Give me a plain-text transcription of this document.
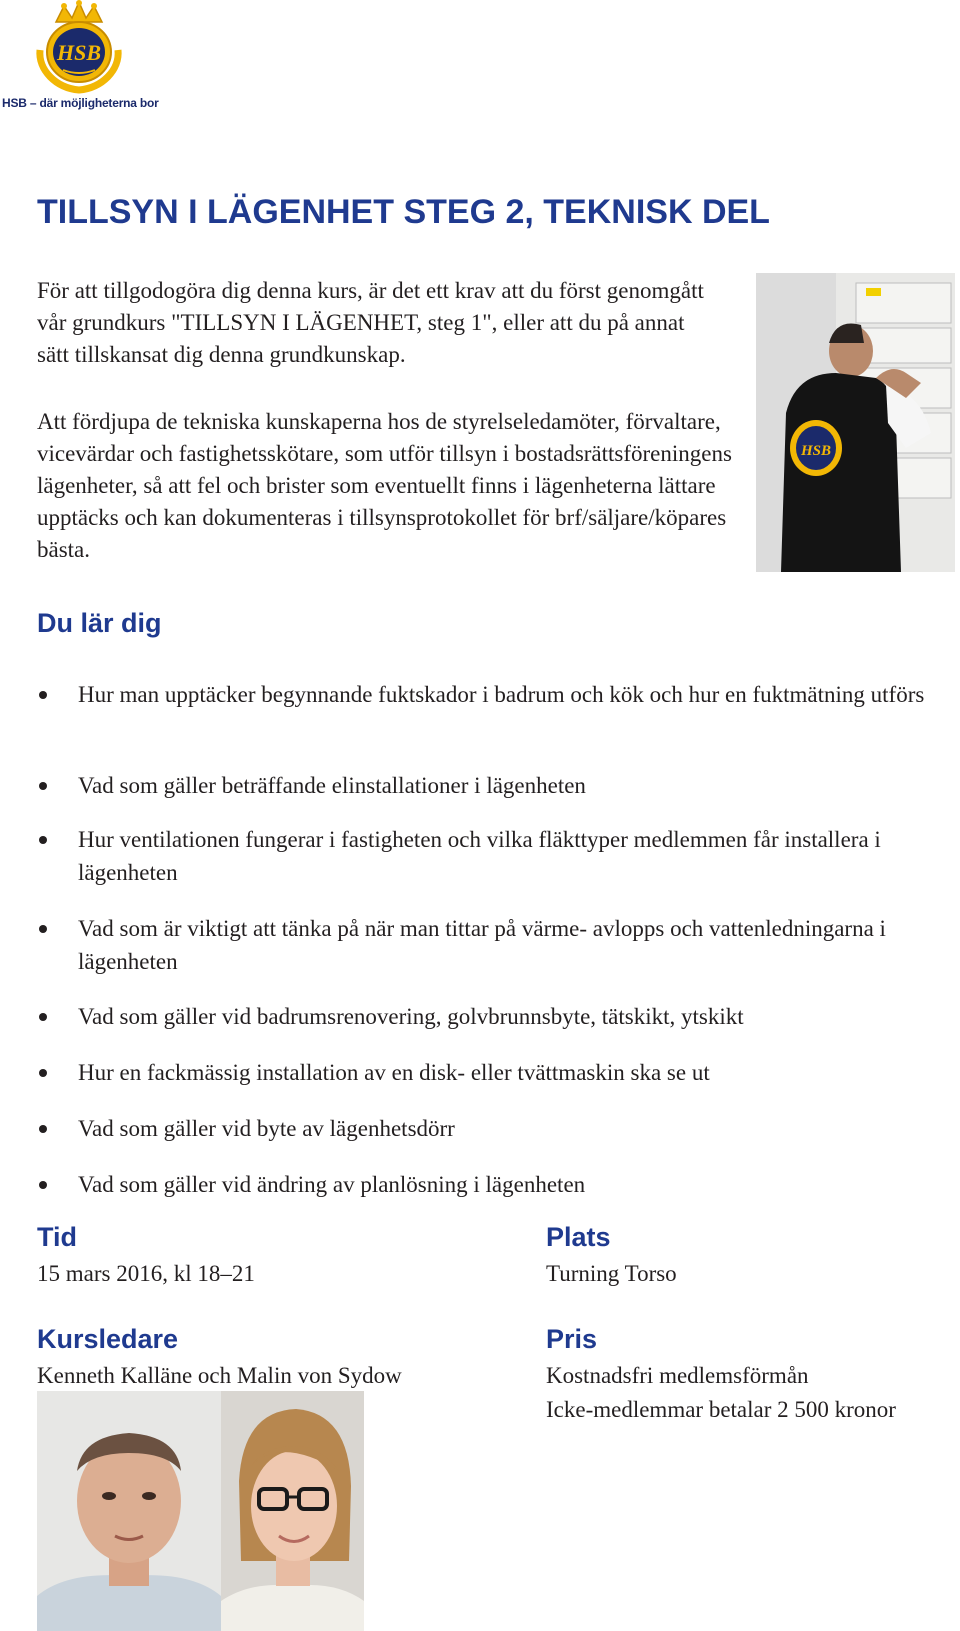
HSB
HSB – där möjligheterna bor
TILLSYN I LÄGENHET STEG 2, TEKNISK DEL

För att tillgodogöra dig denna kurs, är det ett krav att du först genomgått vår grundkurs "TILLSYN I LÄGENHET, steg 1", eller att du på annat sätt tillskansat dig denna grundkunskap.

Att fördjupa de tekniska kunskaperna hos de styrelseledamöter, förvaltare, vicevärdar och fastighetsskötare, som utför tillsyn i bostadsrättsföreningens lägenheter, så att fel och brister som eventuellt finns i lägenheterna lättare upptäcks och kan dokumenteras i tillsynsprotokollet för brf/säljare/köpares bästa.

HSB
Du lär dig
Hur man upptäcker begynnande fuktskador i badrum och kök och hur en fuktmätning utförs
Vad som gäller beträffande elinstallationer i lägenheten
Hur ventilationen fungerar i fastigheten och vilka fläkttyper medlemmen får installera i lägenheten
Vad som är viktigt att tänka på när man tittar på värme- avlopps och vattenledningarna i lägenheten
Vad som gäller vid badrumsrenovering, golvbrunnsbyte, tätskikt, ytskikt
Hur en fackmässig installation av en disk- eller tvättmaskin ska se ut
Vad som gäller vid byte av lägenhetsdörr
Vad som gäller vid ändring av planlösning i lägenheten
Tid

15 mars 2016, kl 18–21

Plats

Turning Torso

Kursledare

Kenneth Kalläne och Malin von Sydow

Pris

Kostnadsfri medlemsförmån

Icke-medlemmar betalar 2 500 kronor
